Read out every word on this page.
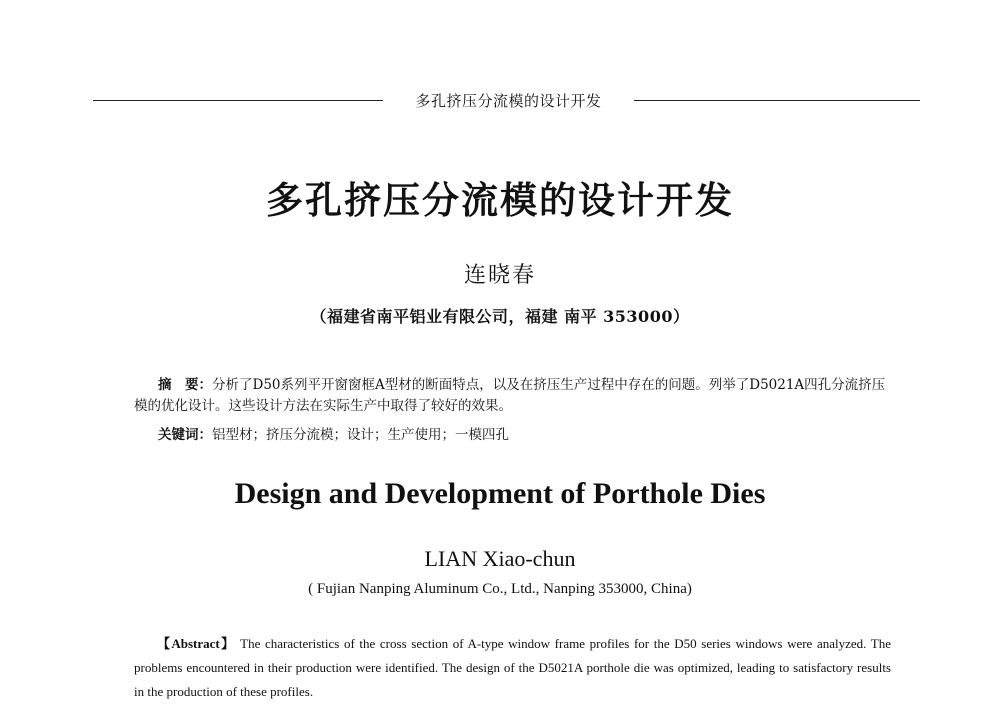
多孔挤压分流模的设计开发
多孔挤压分流模的设计开发
连晓春
（福建省南平铝业有限公司，福建 南平 353000）
摘　要：分析了D50系列平开窗窗框A型材的断面特点，以及在挤压生产过程中存在的问题。列举了D5021A四孔分流挤压模的优化设计。这些设计方法在实际生产中取得了较好的效果。
关键词：铝型材；挤压分流模；设计；生产使用；一模四孔
Design and Development of Porthole Dies
LIAN Xiao-chun
( Fujian Nanping Aluminum Co., Ltd., Nanping 353000, China)
【Abstract】 The characteristics of the cross section of A-type window frame profiles for the D50 series windows were analyzed. The problems encountered in their production were identified. The design of the D5021A porthole die was optimized, leading to satisfactory results in the production of these profiles.
